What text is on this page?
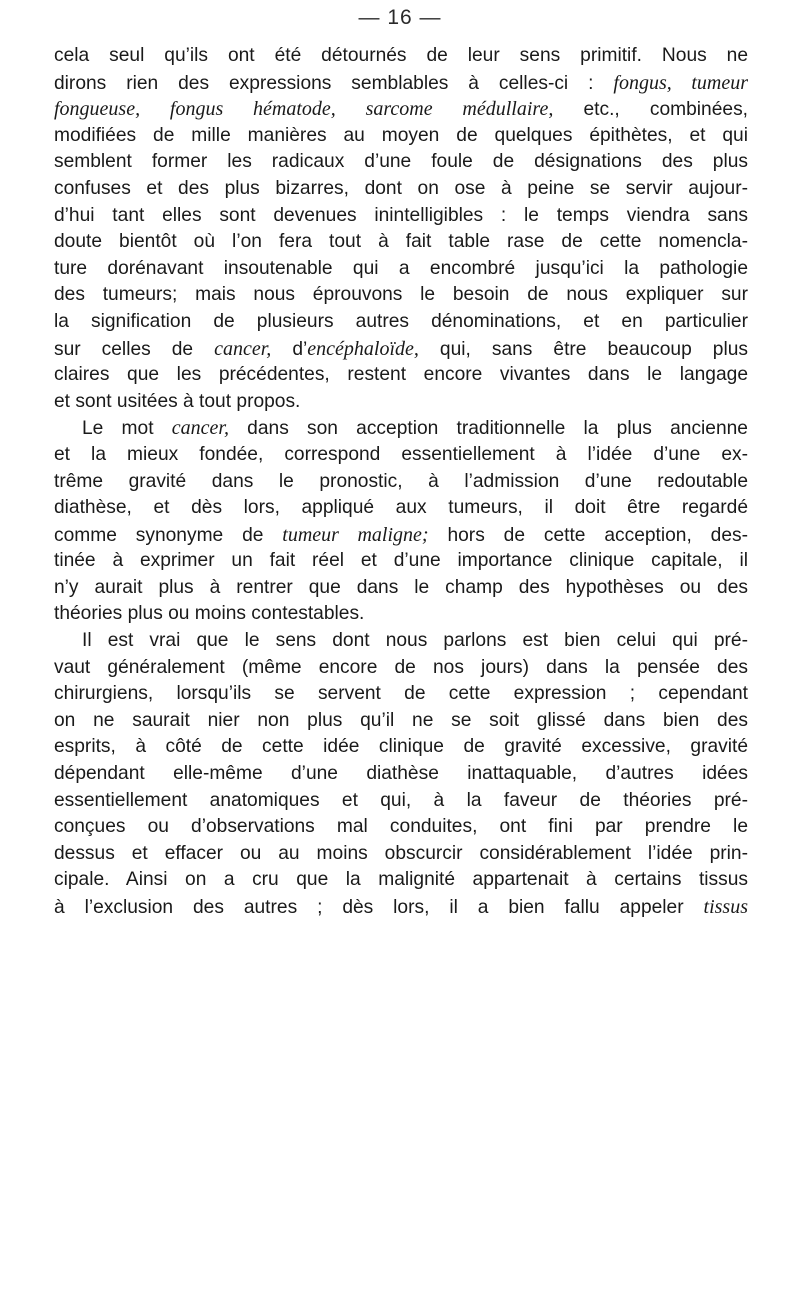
— 16 —
cela seul qu’ils ont été détournés de leur sens primitif. Nous ne
dirons rien des expressions semblables à celles-ci : fongus, tumeur
fongueuse, fongus hématode, sarcome médullaire, etc., combinées,
modifiées de mille manières au moyen de quelques épithètes, et qui
semblent former les radicaux d’une foule de désignations des plus
confuses et des plus bizarres, dont on ose à peine se servir aujour-
d’hui tant elles sont devenues inintelligibles : le temps viendra sans
doute bientôt où l’on fera tout à fait table rase de cette nomencla-
ture dorénavant insoutenable qui a encombré jusqu’ici la pathologie
des tumeurs; mais nous éprouvons le besoin de nous expliquer sur
la signification de plusieurs autres dénominations, et en particulier
sur celles de cancer, d’encéphaloïde, qui, sans être beaucoup plus
claires que les précédentes, restent encore vivantes dans le langage
et sont usitées à tout propos.
Le mot cancer, dans son acception traditionnelle la plus ancienne
et la mieux fondée, correspond essentiellement à l’idée d’une ex-
trême gravité dans le pronostic, à l’admission d’une redoutable
diathèse, et dès lors, appliqué aux tumeurs, il doit être regardé
comme synonyme de tumeur maligne; hors de cette acception, des-
tinée à exprimer un fait réel et d’une importance clinique capitale, il
n’y aurait plus à rentrer que dans le champ des hypothèses ou des
théories plus ou moins contestables.
Il est vrai que le sens dont nous parlons est bien celui qui pré-
vaut généralement (même encore de nos jours) dans la pensée des
chirurgiens, lorsqu’ils se servent de cette expression ; cependant
on ne saurait nier non plus qu’il ne se soit glissé dans bien des
esprits, à côté de cette idée clinique de gravité excessive, gravité
dépendant elle-même d’une diathèse inattaquable, d’autres idées
essentiellement anatomiques et qui, à la faveur de théories pré-
conçues ou d’observations mal conduites, ont fini par prendre le
dessus et effacer ou au moins obscurcir considérablement l’idée prin-
cipale. Ainsi on a cru que la malignité appartenait à certains tissus
à l’exclusion des autres ; dès lors, il a bien fallu appeler tissus
